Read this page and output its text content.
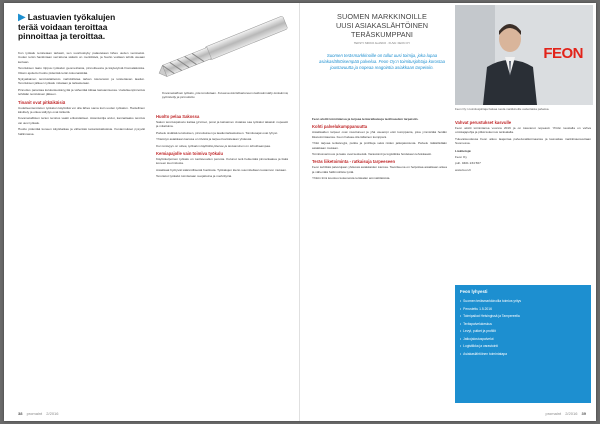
▶ Lastuavien työkalujen
terää voidaan teroittaa
pinnoittaa ja teroittaa.
Kovametallinen työkalu, jota teroitetaan. Kuvassa tekniikkakoneen katkosärmätty teräsärmä, pyöristetty ja pinnoitettu.

Kun työkalu teroitetaan tarkasti, sen suorituskyky palautetaan lähes uuden veroiseksi. Uuden terän hankintaan verrattuna säästö on merkittävä, ja huolto voidaan tehdä useaan kertaan.

Teroituksen laatu riippuu työkalun geometriasta, pinnoitteesta ja käytetyistä hiomalaikoista. Oikein ajoitettu huolto pidentää terän kokonaisikää.

Nykyaikainen teroituslaitteisto mahdollistaa tarkan toleranssin ja toistettavan laadun. Teroituksen jälkeen työkalu mitataan ja tarkastetaan.

Pinnoitus parantaa kulutuskestävyyttä ja vähentää kitkaa lastuamisessa. Uudelleenpinnoitus tehdään teroituksen jälkeen.

Tinanit ovat pitkäikäisiä

Uudelleenteroitetun työkalun käyttöikä voi olla lähes sama kuin uuden työkalun. Huolellinen käsittely ja oikea säilytys ovat tärkeitä.

Kovametallisten terien teroitus vaatii erikoislaitteet. Asiantuntija arvioi, kannattaako teroitus vai uusi työkalu.

Huolto pidentää koneen käyttöaikaa ja vähentää tuotantokatkoksia. Kustannukset pysyvät hallinnassa.

Huolto pelaa Sakossa

Sakon teroituspalvelu kattaa jyrsimet, porat ja kalvaimet. Asiakas saa työkalut takaisin nopeasti ja mitattuina.

Palvelu sisältää teroituksen, pinnoituksen ja laaduntarkastuksen. Toimitusajat ovat lyhyet.

Yhteistyö asiakkaan kanssa on tiivistä ja tarpeet kartoitetaan yhdessä.

Kun terävyys on oikea, työkalun käyttöikä pitenee ja lastuaminen on tehokkaampaa.

Kemiapajolle vain toimiva työkalu

Käyttökelpoinen työkalu on tuottavuuden perusta. Kulunut terä heikentää pinnanlaatua ja lisää koneen kuormitusta.

Asiakkaat hyötyvät säännöllisestä huollosta. Työkalujen kierto suunnitellaan tuotannon mukaan.

Teroitetut työkalut toimitetaan suojattuina ja merkittyinä.

38 promaint 2/2016
SUOMEN MARKKINOILLE
UUSI ASIAKASLÄHTÖINEN
TERÄSKUMPPANI
TEKSTI: MIKKO ALANKO · KUVA: FEON OY
Suomen teräsmarkkinoille on tullut uusi toimija, joka lupaa asiakaslähtöisempää palvelua. Feon Oy:n toimitusjohtaja korostaa joustavuutta ja nopeaa reagointia asiakkaan tarpeisiin.
FEON
Feon Oy:n toimitusjohtaja haluaa tuoda markkinoille uudenlaista palvelua.

Feon aloitti toimintansa ja tarjoaa teräsratkaisuja teollisuuden tarpeisiin.

Kohti palvelukumppanuutta

Asiakkaiden tarpeet ovat muuttuneet ja yhä useampi etsii kumppania, joka ymmärtää heidän liiketoimintaansa. Feon haluaa olla tällainen kumppani.

Yhtiö tarjoaa teräslevyjä, putkia ja profiileja sekä niiden jatkojalostusta. Palvelu räätälöidään asiakkaan mukaan.

Toimitusvarmuus ja laatu ovat keskeisiä. Varastointi ja logistiikka hoidetaan tehokkaasti.

Teräs liiketoiminta - ratkaisuja tarpeeseen

Feon kehittää palvelujaan yhdessä asiakkaiden kanssa. Tavoitteena on helpottaa asiakkaan arkea ja vähentää hallinnollista työtä.

Yhtiön tiimi koostuu kokeneista teräsalan ammattilaisista.

Vahvat perustukset kasvulle

Feon aloitti toimintansa vuonna 2016 ja on kasvanut nopeasti. Yhtiön taustalla on vahva omistajapohja ja pitkä kokemus teräsalalta.

Tulevaisuudessa Feon aikoo laajentaa palveluvalikoimaansa ja kasvattaa markkinaosuuttaan Suomessa.

Lisätietoja:

Feon Oy

puh. 0401 234 567

www.feon.fi

Feon lyhyesti
• Suomen teräsmarkkinoilla toimiva yritys
• Perustettu 1.5.2016
• Toimipaikat Helsingissä ja Tampereella
• Teräspalvelukeskus
• Levyt, putket ja profiilit
• Jatkojalostuspalvelut
• Logistiikka ja varastointi
• Asiakaslähtöinen toimintatapa
promaint 2/2016 39
